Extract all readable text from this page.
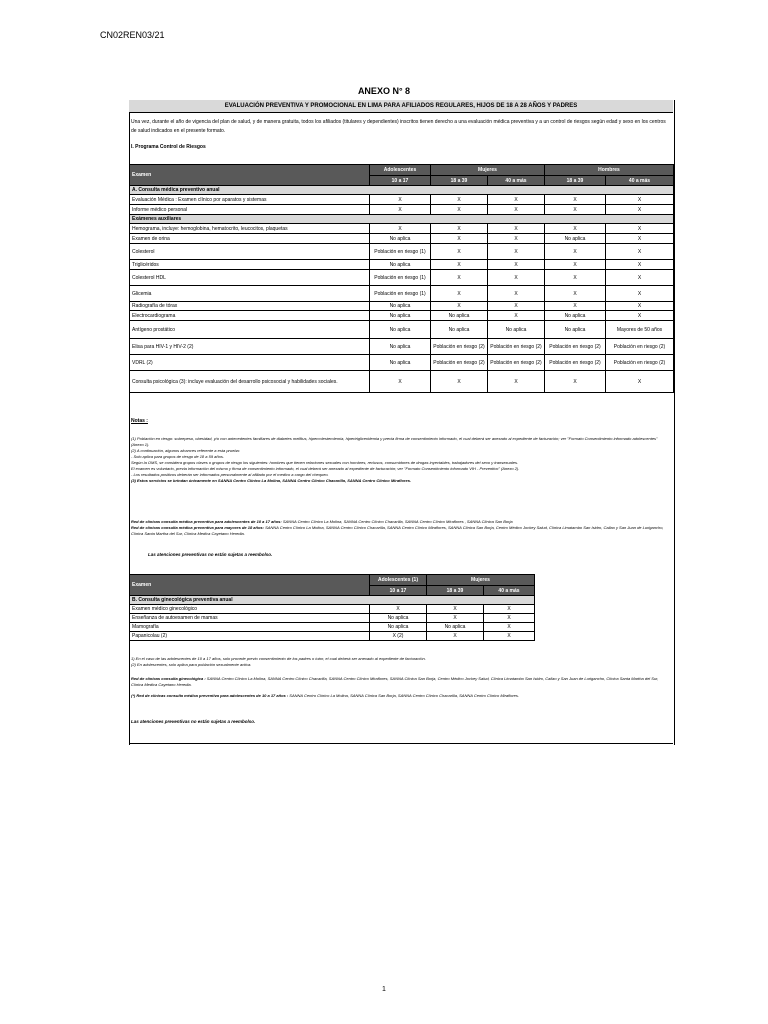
CN02REN03/21
ANEXO N° 8
EVALUACIÓN PREVENTIVA Y PROMOCIONAL EN LIMA PARA AFILIADOS REGULARES, HIJOS DE 18 A 28 AÑOS Y PADRES
Una vez, durante el año de vigencia del plan de salud, y de manera gratuita, todos los afiliados (titulares y dependientes) inscritos tienen derecho a una evaluación médica preventiva y a un control de riesgos según edad y sexo en los centros de salud indicados en el presente formato.
I. Programa Control de Riesgos
Examen	Adolescentes	Mujeres		Hombres	
	10 a 17	18 a 39	40 a más	18 a 39	40 a más
A. Consulta médica preventivo anual					
Evaluación Médica : Examen clínico por aparatos y sistemas	X	X	X	X	X
Informe médico personal	X	X	X	X	X
Exámenes auxiliares					
Hemograma, incluye: hemoglobina, hematocrito, leucocitos, plaquetas	X	X	X	X	X
Examen de orina	No aplica	X	X	No aplica	X
Colesterol	Población en riesgo (1)	X	X	X	X
Triglicéridos	No aplica	X	X	X	X
Colesterol HDL	Población en riesgo (1)	X	X	X	X
Glicemia	Población en riesgo (1)	X	X	X	X
Radiografía de tórax	No aplica	X	X	X	X
Electrocardiograma	No aplica	No aplica	X	No aplica	X
Antígeno prostático	No aplica	No aplica	No aplica	No aplica	Mayores de 50 años
Elisa para HIV-1 y HIV-2 (2)	No aplica	Población en riesgo (2)	Población en riesgo (2)	Población en riesgo (2)	Población en riesgo (2)
VDRL (2)	No aplica	Población en riesgo (2)	Población en riesgo (2)	Población en riesgo (2)	Población en riesgo (2)
Consulta psicológica (3): incluye evaluación del desarrollo psicosocial y habilidades sociales.	X	X	X	X	X
Notas :
(1) Población en riesgo: sobrepeso, obesidad, y/o con antecedentes familiares de diabetes mellitus, hipercolesterolemia, hipertrigliceridemia y previa firma de consentimiento informado, el cual deberá ser anexado al expediente de facturación; ver "Formato Consentimiento informado adolescentes" (Anexo 1).
(2) A continuación, algunos alcances referente a esta prueba:
- Solo aplica para grupos de riesgo de 18 a 59 años.
Según la OMS, se considera grupos claves o grupos de riesgo los siguientes: hombres que tienen relaciones sexuales con hombres, reclusos, consumidores de drogas inyectables, trabajadores del sexo y transexuales.
El examen es voluntario, previa información del mismo y firma de consentimiento informado, el cual deberá ser anexado al expediente de facturación; ver "Formato Consentimiento informado VIH - Preventivo" (Anexo 2).
- Los resultados positivos deberán ser informados personalmente al afiliado por el medico a cargo del chequeo.
(3) Estos servicios se brindan únicamente en SANNA Centro Clínico La Molina, SANNA Centro Clínico Chacarilla, SANNA Centro Clínico Miraflores.
Red de clínicas consulta médica preventiva para adolescentes de 10 a 17 años: SANNA Centro Clínico La Molina, SANNA Centro Clínico Chacarilla, SANNA Centro Clínico Miraflores , SANNA Clínica San Borja
Red de clínicas consulta médica preventiva para mayores de 18 años: SANNA Centro Clínico La Molina, SANNA Centro Clínico Chacarilla, SANNA Centro Clínico Miraflores, SANNA Clínica San Borja, Centro Médico Jockey Salud, Clínica Limatambo San Isidro, Callao y San Juan de Lurigancho, Clínica Santa Martha del Sur, Clínica Medica Cayetano Heredia.
Las atenciones preventivas no están sujetas a reembolso.
Examen	Adolescentes (1)	Mujeres	
	10 a 17	18 a 39	40 a más
B. Consulta ginecológica preventiva anual			
Examen médico ginecológico	X	X	X
Enseñanza de autoexamen de mamas	No aplica	X	X
Mamografía	No aplica	No aplica	X
Papanicolau (2)	X (2)	X	X
1) En el caso de las adolescentes de 10 a 17 años, solo procede previo consentimiento de los padres o tutor, el cual deberá ser anexado al expediente de facturación.
(2) En adolescentes, solo aplica para población sexualmente activa.
Red de clínicas consulta ginecológica : SANNA Centro Clínico La Molina, SANNA Centro Clínico Chacarilla, SANNA Centro Clínico Miraflores, SANNA Clínica San Borja, Centro Médico Jockey Salud, Clínica Limatambo San Isidro, Callao y San Juan de Lurigancho, Clínica Santa Martha del Sur, Clínica Medica Cayetano Heredia.
(*) Red de clínicas consulta médica preventiva para adolescentes de 10 a 17 años : SANNA Centro Clínico La Molina, SANNA Clínica San Borja, SANNA Centro Clínico Chacarilla, SANNA Centro Clínico Miraflores.
Las atenciones preventivas no están sujetas a reembolso.
1
